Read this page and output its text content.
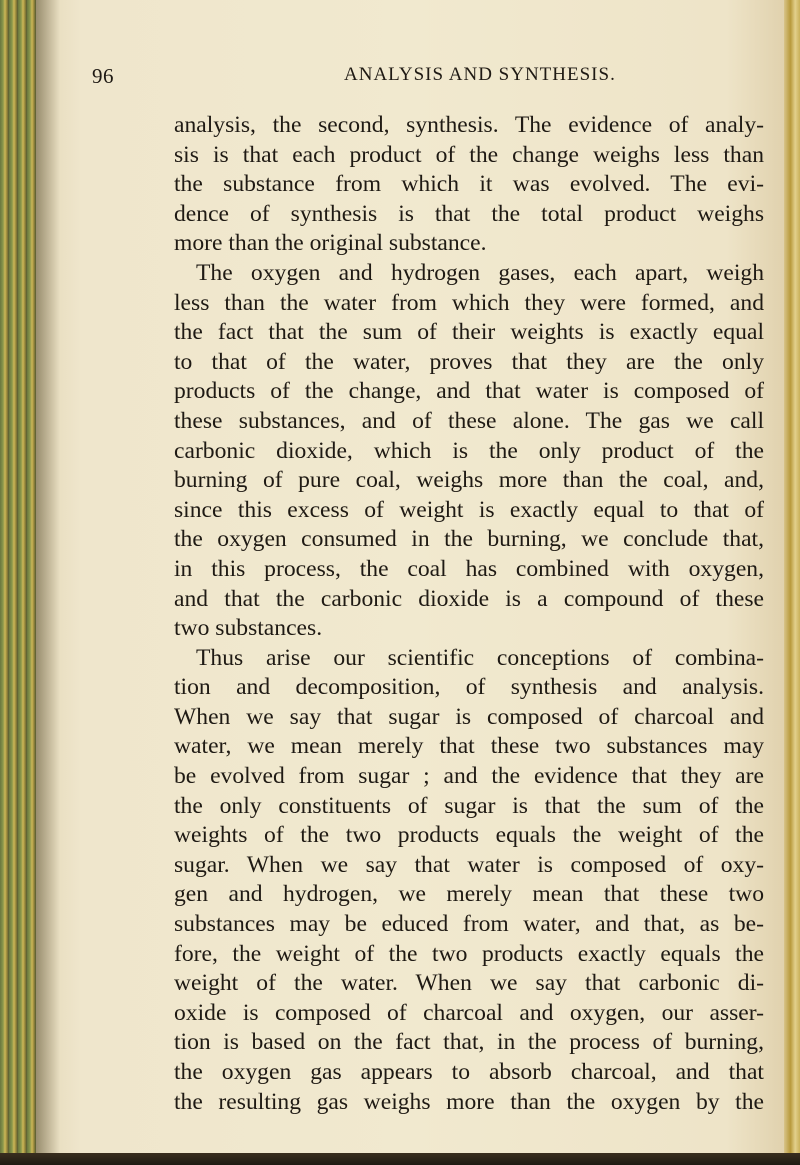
96	ANALYSIS AND SYNTHESIS.
analysis, the second, synthesis. The evidence of analy-
sis is that each product of the change weighs less than
the substance from which it was evolved. The evi-
dence of synthesis is that the total product weighs
more than the original substance.
The oxygen and hydrogen gases, each apart, weigh
less than the water from which they were formed, and
the fact that the sum of their weights is exactly equal
to that of the water, proves that they are the only
products of the change, and that water is composed of
these substances, and of these alone. The gas we call
carbonic dioxide, which is the only product of the
burning of pure coal, weighs more than the coal, and,
since this excess of weight is exactly equal to that of
the oxygen consumed in the burning, we conclude that,
in this process, the coal has combined with oxygen,
and that the carbonic dioxide is a compound of these
two substances.
Thus arise our scientific conceptions of combina-
tion and decomposition, of synthesis and analysis.
When we say that sugar is composed of charcoal and
water, we mean merely that these two substances may
be evolved from sugar ; and the evidence that they are
the only constituents of sugar is that the sum of the
weights of the two products equals the weight of the
sugar. When we say that water is composed of oxy-
gen and hydrogen, we merely mean that these two
substances may be educed from water, and that, as be-
fore, the weight of the two products exactly equals the
weight of the water. When we say that carbonic di-
oxide is composed of charcoal and oxygen, our asser-
tion is based on the fact that, in the process of burning,
the oxygen gas appears to absorb charcoal, and that
the resulting gas weighs more than the oxygen by the
